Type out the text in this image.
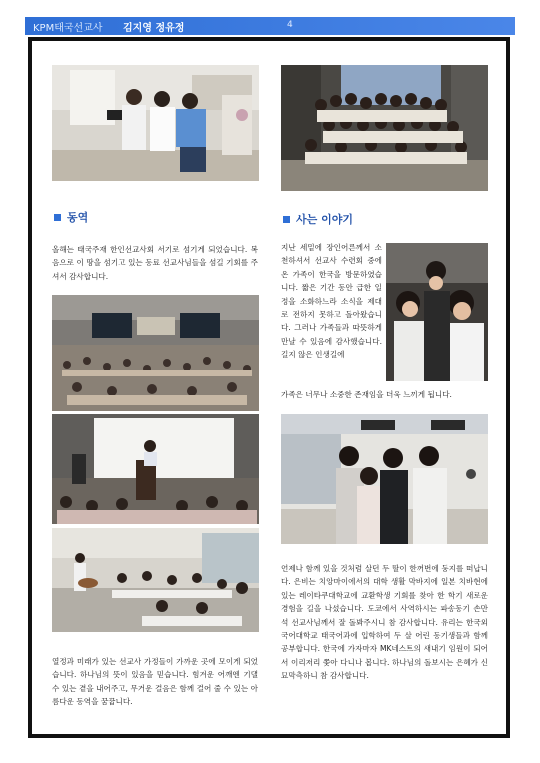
KPM태국선교사 김지영 정유정	4
동역	사는 이야기

올해는 태국주재 한인선교사회 서기로 섬기게 되었습니다. 복음으로 이 땅을 섬기고 있는 동료 선교사님들을 섬길 기회를 주셔서 감사합니다.

열정과 미래가 있는 선교사 가정들이 가까운 곳에 모이게 되었습니다. 하나님의 뜻이 있음을 믿습니다. 힘겨운 어깨엔 기댈 수 있는 곁을 내어주고, 무거운 걸음은 함께 걸어 줄 수 있는 아름다운 동역을 꿈꿉니다.

지난 세밑에 장인어른께서 소천하셔서 선교사 수련회 중에 온 가족이 한국을 방문하였습니다. 짧은 기간 동안 급한 일정을 소화하느라 소식을 제대로 전하지 못하고 돌아왔습니다. 그러나 가족들과 따뜻하게 만날 수 있음에 감사했습니다. 길지 않은 인생길에

가족은 너무나 소중한 존재임을 더욱 느끼게 됩니다.

언제나 함께 있을 것처럼 살던 두 딸이 한꺼번에 둥지를 떠납니다. 은비는 치앙마이에서의 대학 생활 막바지에 일본 치바현에 있는 레이타쿠대학교에 교환학생 기회를 찾아 한 학기 새로운 경험을 길을 나섰습니다. 도쿄에서 사역하시는 파송동기 손만석 선교사님께서 잘 돌봐주시니 참 감사합니다. 유리는 한국외국어대학교 태국어과에 입학하여 두 살 어린 동기생들과 함께 공부합니다. 한국에 가자마자 MK네스트의 새내기 임원이 되어서 이리저리 쫓아 다니나 봅니다. 하나님의 돌보시는 은혜가 신묘막측하니 참 감사합니다.
